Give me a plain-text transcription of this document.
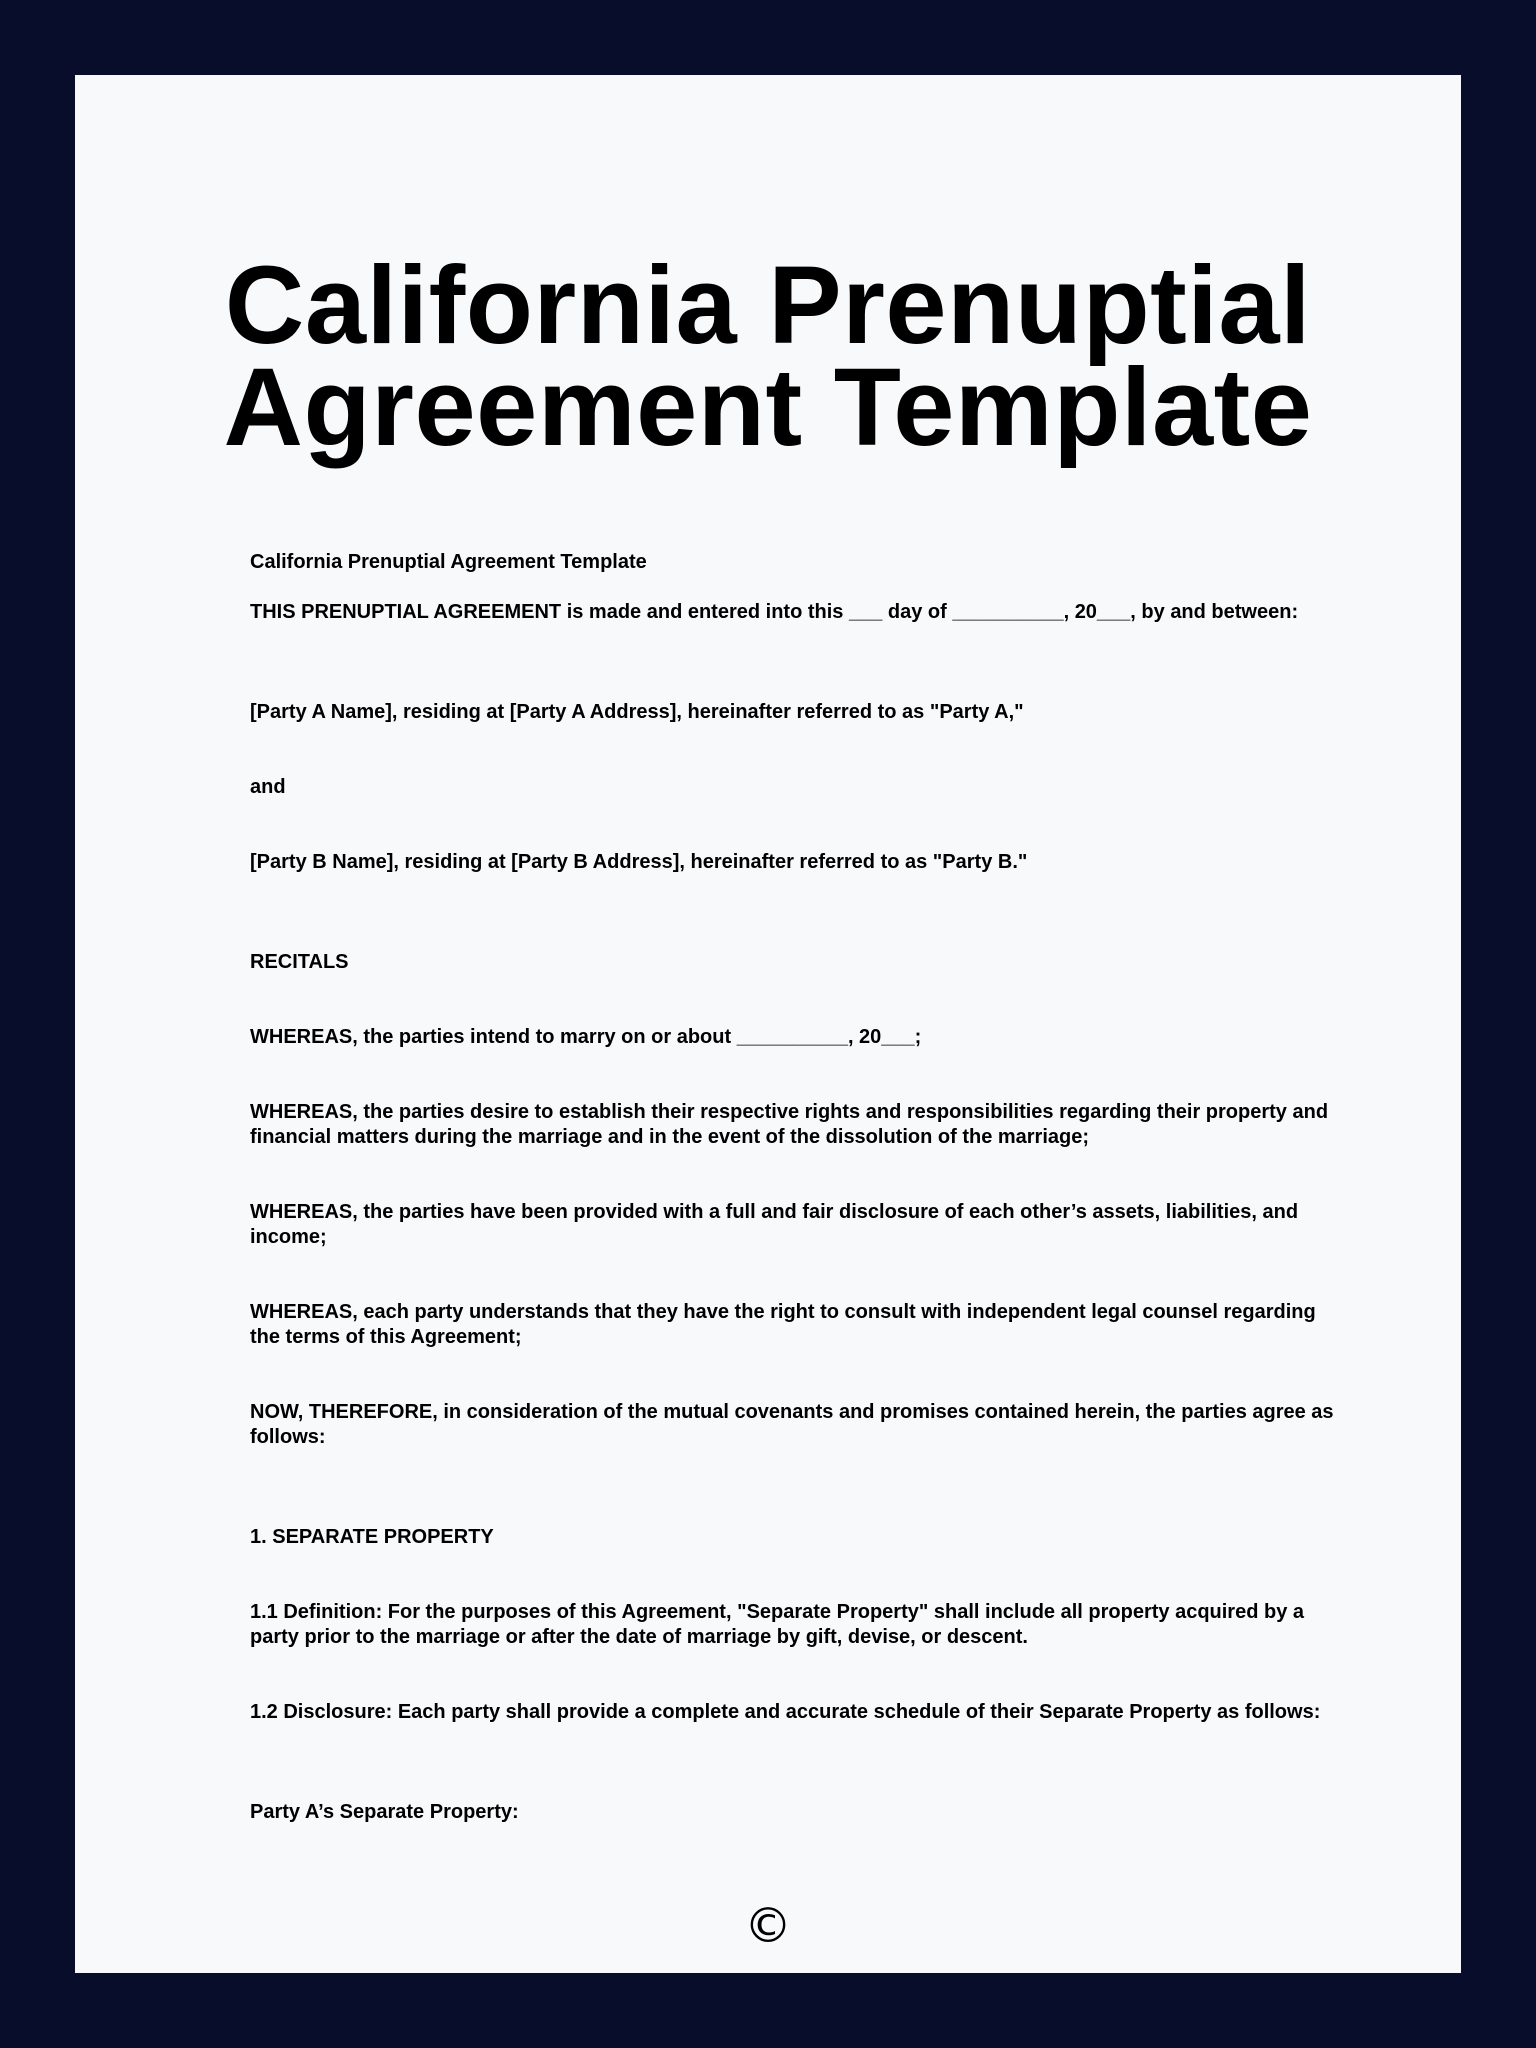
California Prenuptial
Agreement Template

California Prenuptial Agreement Template

THIS PRENUPTIAL AGREEMENT is made and entered into this ___ day of __________, 20___, by and between:

[Party A Name], residing at [Party A Address], hereinafter referred to as "Party A,"

and

[Party B Name], residing at [Party B Address], hereinafter referred to as "Party B."

RECITALS

WHEREAS, the parties intend to marry on or about __________, 20___;

WHEREAS, the parties desire to establish their respective rights and responsibilities regarding their property and financial matters during the marriage and in the event of the dissolution of the marriage;

WHEREAS, the parties have been provided with a full and fair disclosure of each other’s assets, liabilities, and income;

WHEREAS, each party understands that they have the right to consult with independent legal counsel regarding the terms of this Agreement;

NOW, THEREFORE, in consideration of the mutual covenants and promises contained herein, the parties agree as follows:

1. SEPARATE PROPERTY

1.1 Definition: For the purposes of this Agreement, "Separate Property" shall include all property acquired by a party prior to the marriage or after the date of marriage by gift, devise, or descent.

1.2 Disclosure: Each party shall provide a complete and accurate schedule of their Separate Property as follows:

Party A’s Separate Property:

©
